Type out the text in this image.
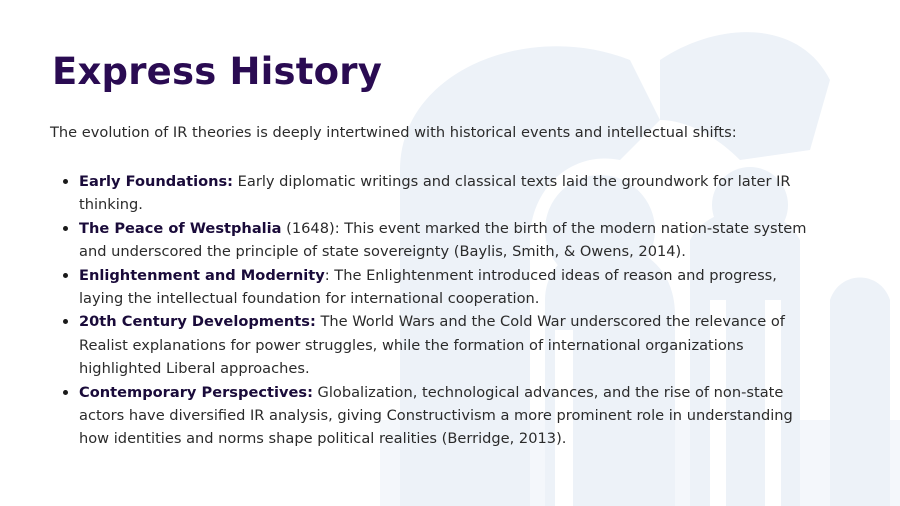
Express History

The evolution of IR theories is deeply intertwined with historical events and intellectual shifts:

Early Foundations: Early diplomatic writings and classical texts laid the groundwork for later IR thinking.
The Peace of Westphalia (1648): This event marked the birth of the modern nation-state system and underscored the principle of state sovereignty (Baylis, Smith, & Owens, 2014).
Enlightenment and Modernity: The Enlightenment introduced ideas of reason and progress, laying the intellectual foundation for international cooperation.
20th Century Developments: The World Wars and the Cold War underscored the relevance of Realist explanations for power struggles, while the formation of international organizations highlighted Liberal approaches.
Contemporary Perspectives: Globalization, technological advances, and the rise of non-state actors have diversified IR analysis, giving Constructivism a more prominent role in understanding how identities and norms shape political realities (Berridge, 2013).
